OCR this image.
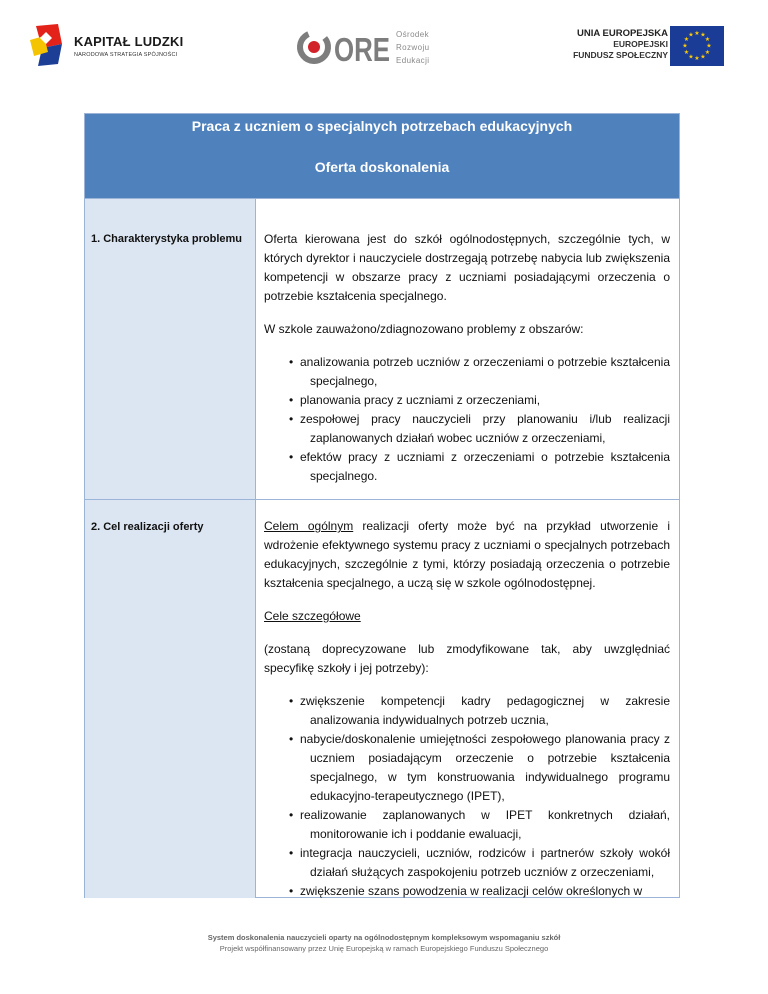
KAPITAŁ LUDZKI
NARODOWA STRATEGIA SPÓJNOŚCI	ORE Ośrodek
Rozwoju
Edukacji
UNIA EUROPEJSKA
EUROPEJSKI
FUNDUSZ SPOŁECZNY
★ ★
★
★
★
★
★
★
★
★
★
★
Praca z uczniem o specjalnych potrzebach edukacyjnych
Oferta doskonalenia
1. Charakterystyka problemu	Oferta kierowana jest do szkół ogólnodostępnych, szczególnie tych, w których dyrektor i nauczyciele dostrzegają potrzebę nabycia lub zwiększenia kompetencji w obszarze pracy z uczniami posiadającymi orzeczenia o potrzebie kształcenia specjalnego.

W szkole zauważono/zdiagnozowano problemy z obszarów:

• analizowania potrzeb uczniów z orzeczeniami o potrzebie kształcenia specjalnego,
• planowania pracy z uczniami z orzeczeniami,
• zespołowej pracy nauczycieli przy planowaniu i/lub realizacji zaplanowanych działań wobec uczniów z orzeczeniami,
• efektów pracy z uczniami z orzeczeniami o potrzebie kształcenia specjalnego.
2. Cel realizacji oferty	Celem ogólnym realizacji oferty może być na przykład utworzenie i wdrożenie efektywnego systemu pracy z uczniami o specjalnych potrzebach edukacyjnych, szczególnie z tymi, którzy posiadają orzeczenia o potrzebie kształcenia specjalnego, a uczą się w szkole ogólnodostępnej.

Cele szczegółowe

(zostaną doprecyzowane lub zmodyfikowane tak, aby uwzględniać specyfikę szkoły i jej potrzeby):

• zwiększenie kompetencji kadry pedagogicznej w zakresie analizowania indywidualnych potrzeb ucznia,
• nabycie/doskonalenie umiejętności zespołowego planowania pracy z uczniem posiadającym orzeczenie o potrzebie kształcenia specjalnego, w tym konstruowania indywidualnego programu edukacyjno-terapeutycznego (IPET),
• realizowanie zaplanowanych w IPET konkretnych działań, monitorowanie ich i poddanie ewaluacji,
• integracja nauczycieli, uczniów, rodziców i partnerów szkoły wokół działań służących zaspokojeniu potrzeb uczniów z orzeczeniami,
• zwiększenie szans powodzenia w realizacji celów określonych w
System doskonalenia nauczycieli oparty na ogólnodostępnym kompleksowym wspomaganiu szkół
Projekt współfinansowany przez Unię Europejską w ramach Europejskiego Funduszu Społecznego
